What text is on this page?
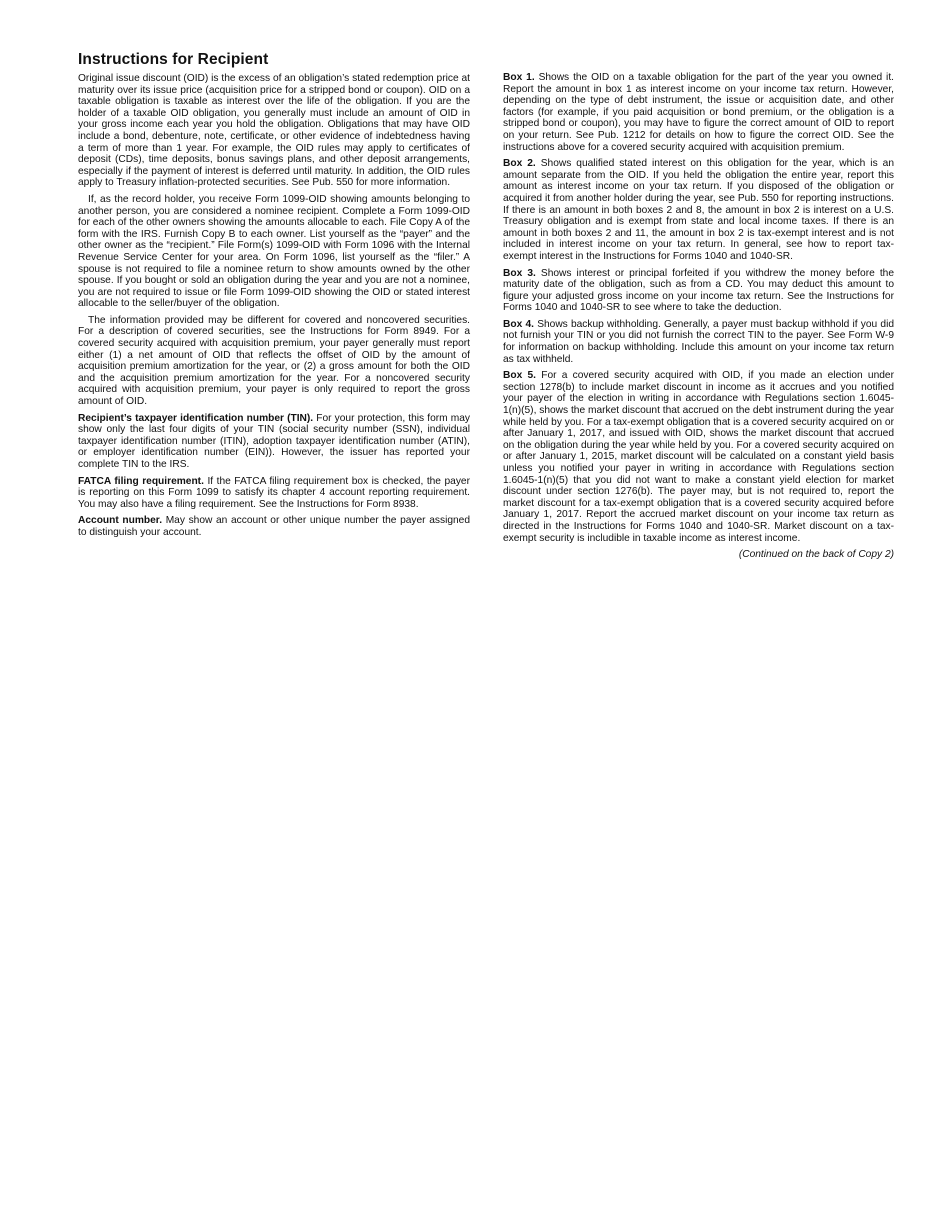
Instructions for Recipient

Original issue discount (OID) is the excess of an obligation’s stated redemption price at maturity over its issue price (acquisition price for a stripped bond or coupon). OID on a taxable obligation is taxable as interest over the life of the obligation. If you are the holder of a taxable OID obligation, you generally must include an amount of OID in your gross income each year you hold the obligation. Obligations that may have OID include a bond, debenture, note, certificate, or other evidence of indebtedness having a term of more than 1 year. For example, the OID rules may apply to certificates of deposit (CDs), time deposits, bonus savings plans, and other deposit arrangements, especially if the payment of interest is deferred until maturity. In addition, the OID rules apply to Treasury inflation-protected securities. See Pub. 550 for more information.

If, as the record holder, you receive Form 1099-OID showing amounts belonging to another person, you are considered a nominee recipient. Complete a Form 1099-OID for each of the other owners showing the amounts allocable to each. File Copy A of the form with the IRS. Furnish Copy B to each owner. List yourself as the “payer” and the other owner as the “recipient.” File Form(s) 1099-OID with Form 1096 with the Internal Revenue Service Center for your area. On Form 1096, list yourself as the “filer.” A spouse is not required to file a nominee return to show amounts owned by the other spouse. If you bought or sold an obligation during the year and you are not a nominee, you are not required to issue or file Form 1099-OID showing the OID or stated interest allocable to the seller/buyer of the obligation.

The information provided may be different for covered and noncovered securities. For a description of covered securities, see the Instructions for Form 8949. For a covered security acquired with acquisition premium, your payer generally must report either (1) a net amount of OID that reflects the offset of OID by the amount of acquisition premium amortization for the year, or (2) a gross amount for both the OID and the acquisition premium amortization for the year. For a noncovered security acquired with acquisition premium, your payer is only required to report the gross amount of OID.

Recipient’s taxpayer identification number (TIN). For your protection, this form may show only the last four digits of your TIN (social security number (SSN), individual taxpayer identification number (ITIN), adoption taxpayer identification number (ATIN), or employer identification number (EIN)). However, the issuer has reported your complete TIN to the IRS.

FATCA filing requirement. If the FATCA filing requirement box is checked, the payer is reporting on this Form 1099 to satisfy its chapter 4 account reporting requirement. You may also have a filing requirement. See the Instructions for Form 8938.

Account number. May show an account or other unique number the payer assigned to distinguish your account.

Box 1. Shows the OID on a taxable obligation for the part of the year you owned it. Report the amount in box 1 as interest income on your income tax return. However, depending on the type of debt instrument, the issue or acquisition date, and other factors (for example, if you paid acquisition or bond premium, or the obligation is a stripped bond or coupon), you may have to figure the correct amount of OID to report on your return. See Pub. 1212 for details on how to figure the correct OID. See the instructions above for a covered security acquired with acquisition premium.

Box 2. Shows qualified stated interest on this obligation for the year, which is an amount separate from the OID. If you held the obligation the entire year, report this amount as interest income on your tax return. If you disposed of the obligation or acquired it from another holder during the year, see Pub. 550 for reporting instructions. If there is an amount in both boxes 2 and 8, the amount in box 2 is interest on a U.S. Treasury obligation and is exempt from state and local income taxes. If there is an amount in both boxes 2 and 11, the amount in box 2 is tax-exempt interest and is not included in interest income on your tax return. In general, see how to report tax-exempt interest in the Instructions for Forms 1040 and 1040-SR.

Box 3. Shows interest or principal forfeited if you withdrew the money before the maturity date of the obligation, such as from a CD. You may deduct this amount to figure your adjusted gross income on your income tax return. See the Instructions for Forms 1040 and 1040-SR to see where to take the deduction.

Box 4. Shows backup withholding. Generally, a payer must backup withhold if you did not furnish your TIN or you did not furnish the correct TIN to the payer. See Form W-9 for information on backup withholding. Include this amount on your income tax return as tax withheld.

Box 5. For a covered security acquired with OID, if you made an election under section 1278(b) to include market discount in income as it accrues and you notified your payer of the election in writing in accordance with Regulations section 1.6045-1(n)(5), shows the market discount that accrued on the debt instrument during the year while held by you. For a tax-exempt obligation that is a covered security acquired on or after January 1, 2017, and issued with OID, shows the market discount that accrued on the obligation during the year while held by you. For a covered security acquired on or after January 1, 2015, market discount will be calculated on a constant yield basis unless you notified your payer in writing in accordance with Regulations section 1.6045-1(n)(5) that you did not want to make a constant yield election for market discount under section 1276(b). The payer may, but is not required to, report the market discount for a tax-exempt obligation that is a covered security acquired before January 1, 2017. Report the accrued market discount on your income tax return as directed in the Instructions for Forms 1040 and 1040-SR. Market discount on a tax-exempt security is includible in taxable income as interest income.

(Continued on the back of Copy 2)
